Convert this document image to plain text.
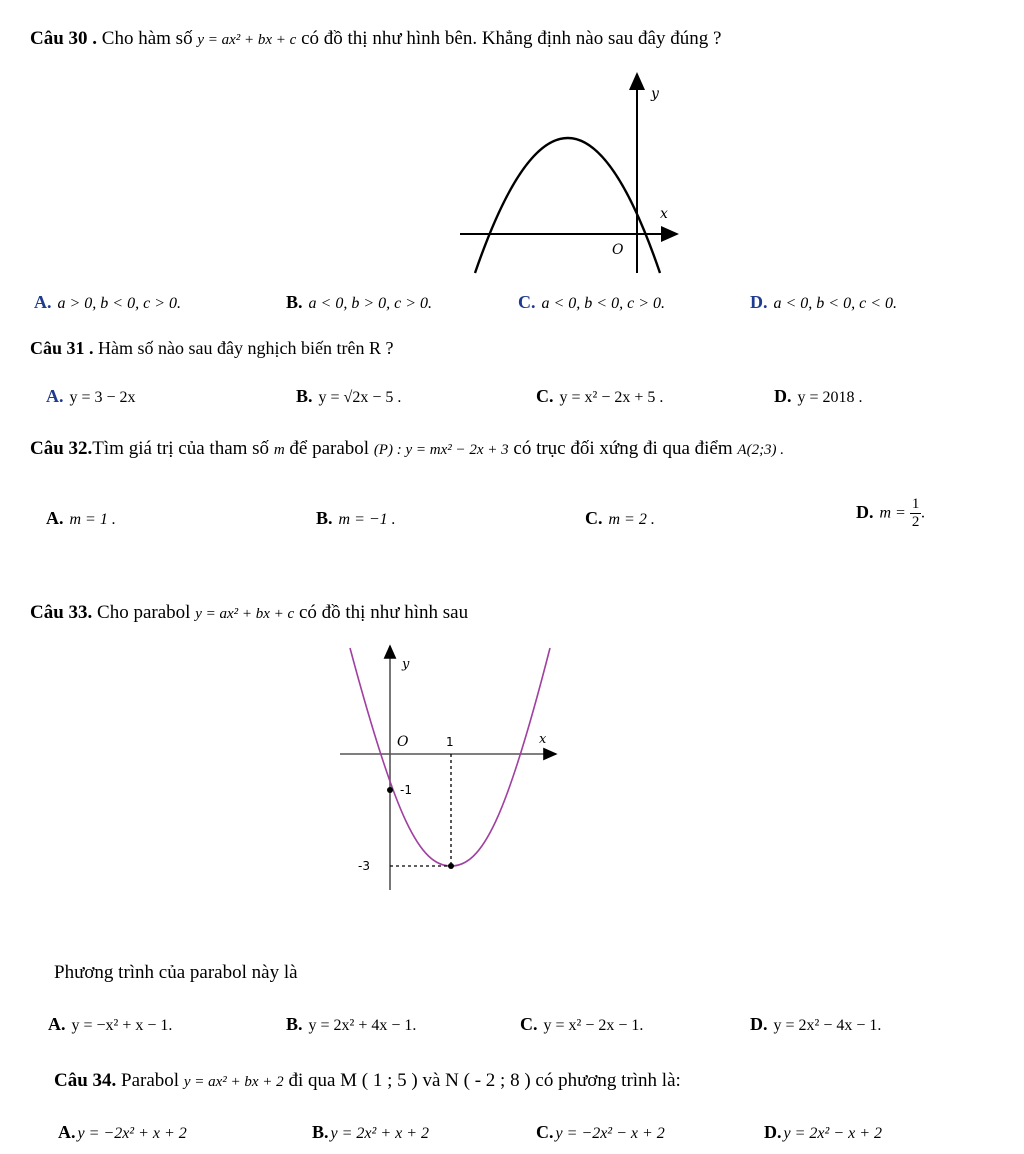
Câu 30 . Cho hàm số y = ax² + bx + c có đồ thị như hình bên. Khẳng định nào sau đây đúng ?
y
x
O
A. a > 0, b < 0, c > 0.	B. a < 0, b > 0, c > 0.	C. a < 0, b < 0, c > 0.	D. a < 0, b < 0, c < 0.
Câu 31 . Hàm số nào sau đây nghịch biến trên R ?
A. y = 3 − 2x	B. y = √2x − 5 .	C. y = x² − 2x + 5 .	D. y = 2018 .
Câu 32.Tìm giá trị của tham số m để parabol (P) : y = mx² − 2x + 3 có trục đối xứng đi qua điểm A(2;3) .
A. m = 1 .	B. m = −1 .	C. m = 2 .	D. $m = \frac{1}{2}$ .
Câu 33. Cho parabol y = ax² + bx + c có đồ thị như hình sau
y
x
O	1
-1
-3
Phương trình của parabol này là
A. y = −x² + x − 1.	B. y = 2x² + 4x − 1.	C. y = x² − 2x − 1.	D. y = 2x² − 4x − 1.
Câu 34. Parabol y = ax² + bx + 2 đi qua M ( 1 ; 5 ) và N ( - 2 ; 8 ) có phương trình là:
A. y = −2x² + x + 2	B. y = 2x² + x + 2	C. y = −2x² − x + 2	D. y = 2x² − x + 2
